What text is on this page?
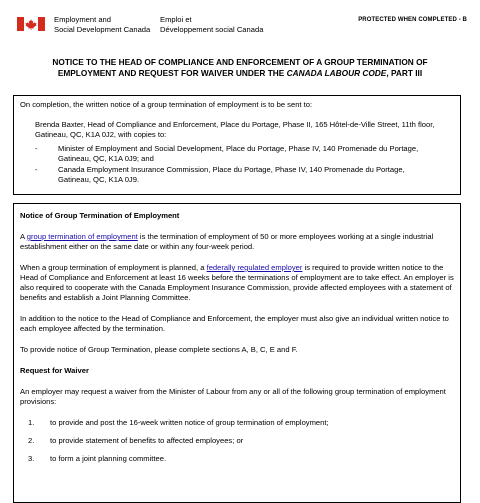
Employment and
Social Development Canada
Emploi et
Développement social Canada
PROTECTED WHEN COMPLETED - B
NOTICE TO THE HEAD OF COMPLIANCE AND ENFORCEMENT OF A GROUP TERMINATION OF
EMPLOYMENT AND REQUEST FOR WAIVER UNDER THE CANADA LABOUR CODE, PART III
On completion, the written notice of a group termination of employment is to be sent to:
Brenda Baxter, Head of Compliance and Enforcement, Place du Portage, Phase II, 165 Hôtel-de-Ville Street, 11th floor, Gatineau, QC, K1A 0J2, with copies to:
-	Minister of Employment and Social Development, Place du Portage, Phase IV, 140 Promenade du Portage, Gatineau, QC, K1A 0J9; and
-	Canada Employment Insurance Commission, Place du Portage, Phase IV, 140 Promenade du Portage, Gatineau, QC, K1A 0J9.

Notice of Group Termination of Employment

A group termination of employment is the termination of employment of 50 or more employees working at a single industrial establishment either on the same date or within any four-week period.

When a group termination of employment is planned, a federally regulated employer is required to provide written notice to the Head of Compliance and Enforcement at least 16 weeks before the terminations of employment are to take effect. An employer is also required to cooperate with the Canada Employment Insurance Commission, provide affected employees with a statement of benefits and establish a Joint Planning Committee.

In addition to the notice to the Head of Compliance and Enforcement, the employer must also give an individual written notice to each employee affected by the termination.

To provide notice of Group Termination, please complete sections A, B, C, E and F.

Request for Waiver

An employer may request a waiver from the Minister of Labour from any or all of the following group termination of employment provisions:

1. to provide and post the 16-week written notice of group termination of employment;
2. to provide statement of benefits to affected employees; or
3. to form a joint planning committee.
